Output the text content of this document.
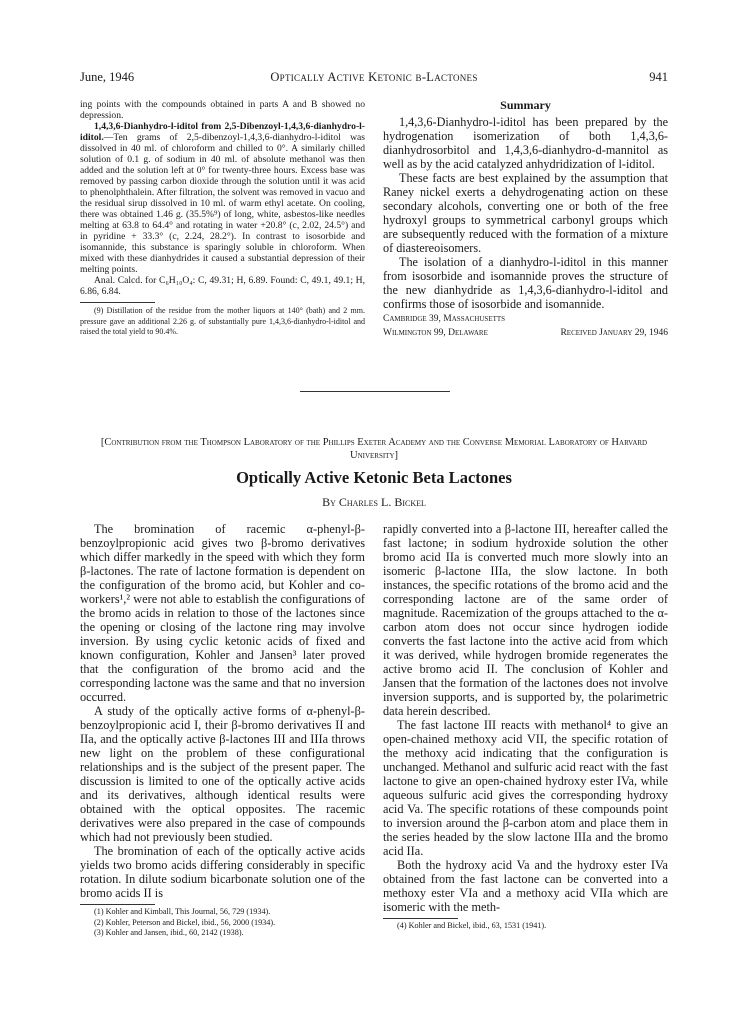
June, 1946	Optically Active Ketonic β-Lactones	941

ing points with the compounds obtained in parts A and B showed no depression.

1,4,3,6-Dianhydro-l-iditol from 2,5-Dibenzoyl-1,4,3,6-dianhydro-l-iditol.—Ten grams of 2,5-dibenzoyl-1,4,3,6-dianhydro-l-iditol was dissolved in 40 ml. of chloroform and chilled to 0°. A similarly chilled solution of 0.1 g. of sodium in 40 ml. of absolute methanol was then added and the solution left at 0° for twenty-three hours. Excess base was removed by passing carbon dioxide through the solution until it was acid to phenolphthalein. After filtration, the solvent was removed in vacuo and the residual sirup dissolved in 10 ml. of warm ethyl acetate. On cooling, there was obtained 1.46 g. (35.5%⁹) of long, white, asbestos-like needles melting at 63.8 to 64.4° and rotating in water +20.8° (c, 2.02, 24.5°) and in pyridine + 33.3° (c, 2.24, 28.2°). In contrast to isosorbide and isomannide, this substance is sparingly soluble in chloroform. When mixed with these dianhydrides it caused a substantial depression of their melting points.

Anal. Calcd. for C₆H₁₀O₄: C, 49.31; H, 6.89. Found: C, 49.1, 49.1; H, 6.86, 6.84.

(9) Distillation of the residue from the mother liquors at 140° (bath) and 2 mm. pressure gave an additional 2.26 g. of substantially pure 1,4,3,6-dianhydro-l-iditol and raised the total yield to 90.4%.

Summary

1,4,3,6-Dianhydro-l-iditol has been prepared by the hydrogenation isomerization of both 1,4,3,6-dianhydrosorbitol and 1,4,3,6-dianhydro-d-mannitol as well as by the acid catalyzed anhydridization of l-iditol.

These facts are best explained by the assumption that Raney nickel exerts a dehydrogenating action on these secondary alcohols, converting one or both of the free hydroxyl groups to symmetrical carbonyl groups which are subsequently reduced with the formation of a mixture of diastereoisomers.

The isolation of a dianhydro-l-iditol in this manner from isosorbide and isomannide proves the structure of the new dianhydride as 1,4,3,6-dianhydro-l-iditol and confirms those of isosorbide and isomannide.

Cambridge 39, Massachusetts

Wilmington 99, Delaware	Received January 29, 1946

[Contribution from the Thompson Laboratory of the Phillips Exeter Academy and the Converse Memorial Laboratory of Harvard University]
Optically Active Ketonic Beta Lactones
By Charles L. Bickel

The bromination of racemic α-phenyl-β-benzoylpropionic acid gives two β-bromo derivatives which differ markedly in the speed with which they form β-lactones. The rate of lactone formation is dependent on the configuration of the bromo acid, but Kohler and co-workers¹,² were not able to establish the configurations of the bromo acids in relation to those of the lactones since the opening or closing of the lactone ring may involve inversion. By using cyclic ketonic acids of fixed and known configuration, Kohler and Jansen³ later proved that the configuration of the bromo acid and the corresponding lactone was the same and that no inversion occurred.

A study of the optically active forms of α-phenyl-β-benzoylpropionic acid I, their β-bromo derivatives II and IIa, and the optically active β-lactones III and IIIa throws new light on the problem of these configurational relationships and is the subject of the present paper. The discussion is limited to one of the optically active acids and its derivatives, although identical results were obtained with the optical opposites. The racemic derivatives were also prepared in the case of compounds which had not previously been studied.

The bromination of each of the optically active acids yields two bromo acids differing considerably in specific rotation. In dilute sodium bicarbonate solution one of the bromo acids II is

(1) Kohler and Kimball, This Journal, 56, 729 (1934).

(2) Kohler, Peterson and Bickel, ibid., 56, 2000 (1934).

(3) Kohler and Jansen, ibid., 60, 2142 (1938).

rapidly converted into a β-lactone III, hereafter called the fast lactone; in sodium hydroxide solution the other bromo acid IIa is converted much more slowly into an isomeric β-lactone IIIa, the slow lactone. In both instances, the specific rotations of the bromo acid and the corresponding lactone are of the same order of magnitude. Racemization of the groups attached to the α-carbon atom does not occur since hydrogen iodide converts the fast lactone into the active acid from which it was derived, while hydrogen bromide regenerates the active bromo acid II. The conclusion of Kohler and Jansen that the formation of the lactones does not involve inversion supports, and is supported by, the polarimetric data herein described.

The fast lactone III reacts with methanol⁴ to give an open-chained methoxy acid VII, the specific rotation of the methoxy acid indicating that the configuration is unchanged. Methanol and sulfuric acid react with the fast lactone to give an open-chained hydroxy ester IVa, while aqueous sulfuric acid gives the corresponding hydroxy acid Va. The specific rotations of these compounds point to inversion around the β-carbon atom and place them in the series headed by the slow lactone IIIa and the bromo acid IIa.

Both the hydroxy acid Va and the hydroxy ester IVa obtained from the fast lactone can be converted into a methoxy ester VIa and a methoxy acid VIIa which are isomeric with the meth-

(4) Kohler and Bickel, ibid., 63, 1531 (1941).
